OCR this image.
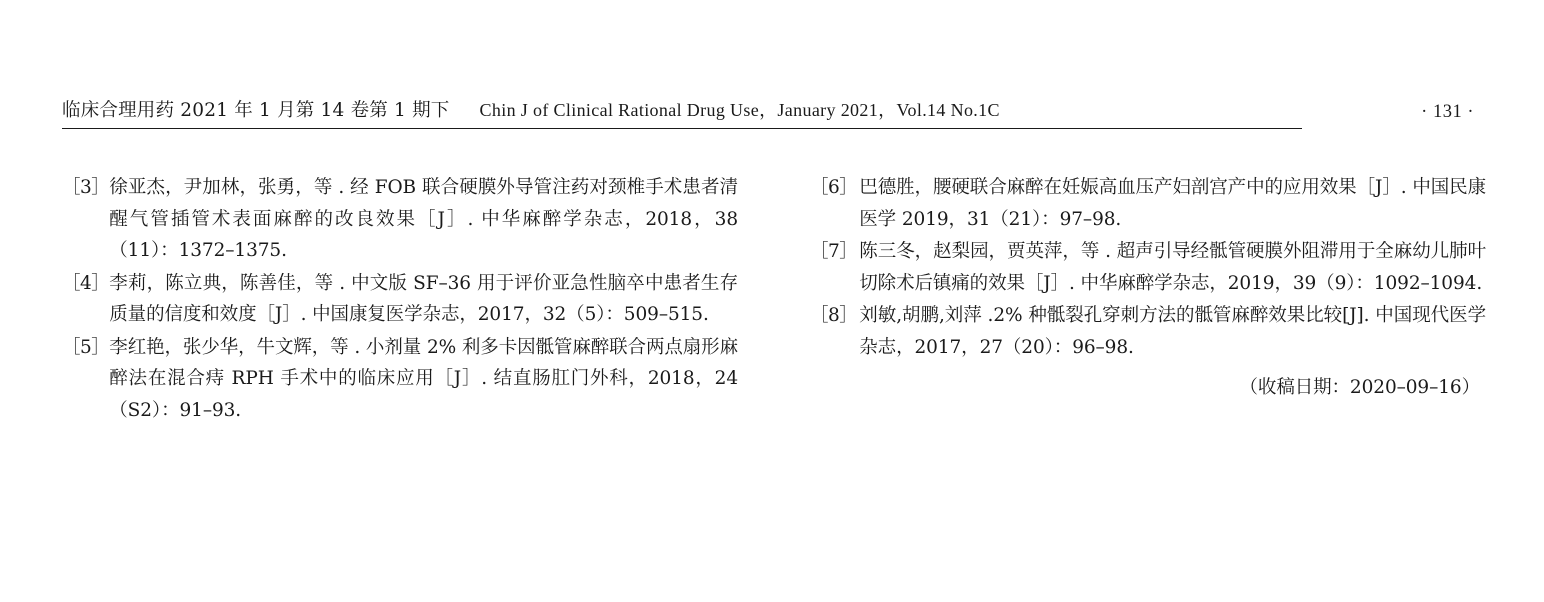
临床合理用药 2021 年 1 月第 14 卷第 1 期下 Chin J of Clinical Rational Drug Use，January 2021，Vol.14 No.1C	· 131 ·
［3］ 徐亚杰，尹加林，张勇，等 . 经 FOB 联合硬膜外导管注药对颈椎手术患者清醒气管插管术表面麻醉的改良效果［J］. 中华麻醉学杂志，2018，38（11）：1372–1375.
［4］ 李莉，陈立典，陈善佳，等 . 中文版 SF–36 用于评价亚急性脑卒中患者生存质量的信度和效度［J］. 中国康复医学杂志，2017，32（5）：509–515.
［5］ 李红艳，张少华，牛文辉，等 . 小剂量 2% 利多卡因骶管麻醉联合两点扇形麻醉法在混合痔 RPH 手术中的临床应用［J］. 结直肠肛门外科，2018，24（S2）：91–93.
［6］ 巴德胜，腰硬联合麻醉在妊娠高血压产妇剖宫产中的应用效果［J］. 中国民康医学 2019，31（21）：97–98.
［7］ 陈三冬，赵梨园，贾英萍，等 . 超声引导经骶管硬膜外阻滞用于全麻幼儿肺叶切除术后镇痛的效果［J］. 中华麻醉学杂志，2019，39（9）：1092–1094.
［8］ 刘敏,胡鹏,刘萍 .2% 种骶裂孔穿刺方法的骶管麻醉效果比较[J]. 中国现代医学杂志，2017，27（20）：96–98.
（收稿日期：2020–09–16）
